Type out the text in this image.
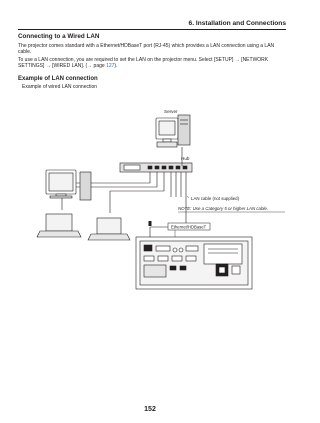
6. Installation and Connections
Connecting to a Wired LAN
The projector comes standard with a Ethernet/HDBaseT port (RJ-45) which provides a LAN connection using a LAN cable.
To use a LAN connection, you are required to set the LAN on the projector menu. Select [SETUP] → [NETWORK SETTINGS] → [WIRED LAN]. (→ page 127).
Example of LAN connection
Example of wired LAN connection
Server
Hub
LAN cable (not supplied)
NOTE: Use a Category 5 or higher LAN cable.
Ethernet/HDBaseT
152
